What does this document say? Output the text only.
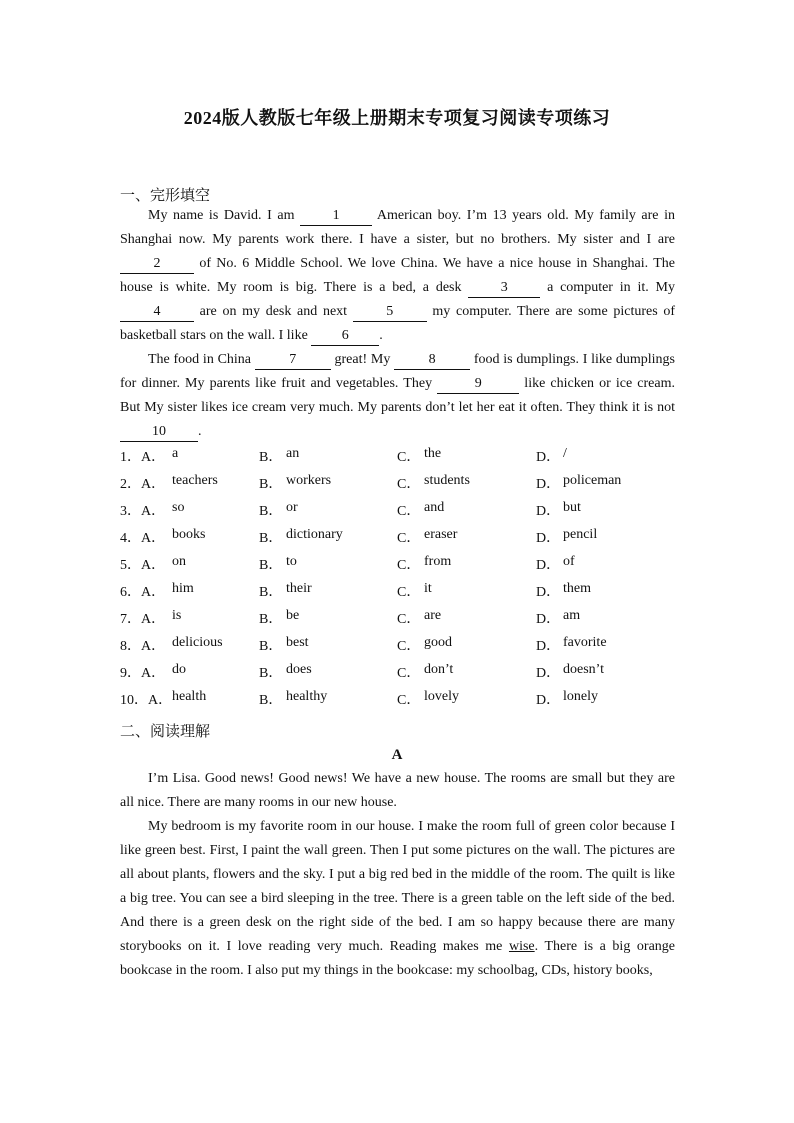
2024版人教版七年级上册期末专项复习阅读专项练习
一、完形填空
My name is David. I am 1 American boy. I’m 13 years old. My family are in Shanghai now. My parents work there. I have a sister, but no brothers. My sister and I are 2 of No. 6 Middle School. We love China. We have a nice house in Shanghai. The house is white. My room is big. There is a bed, a desk 3 a computer in it. My 4 are on my desk and next 5 my computer. There are some pictures of basketball stars on the wall. I like 6 .
The food in China 7 great! My 8 food is dumplings. I like dumplings for dinner. My parents like fruit and vegetables. They	9	like chicken or ice cream. But My sister likes ice cream very much. My parents don’t let her eat it often. They think it is not 10 .
1．A． a	B． an	C． the	D． /
2．A． teachers	B． workers	C． students	D． policeman
3．A． so	B． or	C． and	D． but
4．A． books	B． dictionary	C． eraser	D． pencil
5．A． on	B． to	C． from	D． of
6．A． him	B． their	C． it	D． them
7．A． is	B． be	C． are	D． am
8．A． delicious	B． best	C． good	D． favorite
9．A． do	B． does	C． don’t	D． doesn’t
10．A． health	B． healthy	C． lovely	D． lonely
二、阅读理解
A
I’m Lisa. Good news! Good news! We have a new house. The rooms are small but they are all nice. There are many rooms in our new house.
My bedroom is my favorite room in our house. I make the room full of green color because I like green best. First, I paint the wall green. Then I put some pictures on the wall. The pictures are all about plants, flowers and the sky. I put a big red bed in the middle of the room. The quilt is like a big tree. You can see a bird sleeping in the tree. There is a green table on the left side of the bed. And there is a green desk on the right side of the bed. I am so happy because there are many storybooks on it. I love reading very much. Reading makes me wise. There is a big orange bookcase in the room. I also put my things in the bookcase: my schoolbag, CDs, history books,
